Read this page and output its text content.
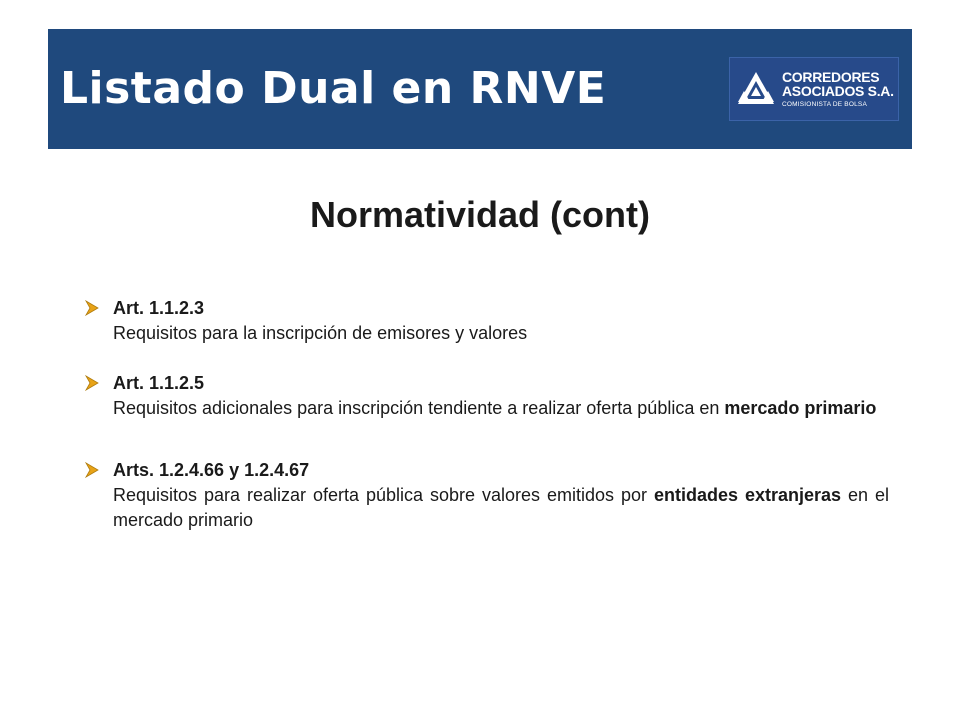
Listado Dual en RNVE	CORREDORES
ASOCIADOS S.A.
COMISIONISTA DE BOLSA
Normatividad (cont)
Art. 1.1.2.3
Requisitos para la inscripción de emisores y valores
Art. 1.1.2.5
Requisitos adicionales para inscripción tendiente a realizar oferta pública en mercado primario
Arts. 1.2.4.66 y 1.2.4.67
Requisitos para realizar oferta pública sobre valores emitidos por entidades extranjeras en el mercado primario
